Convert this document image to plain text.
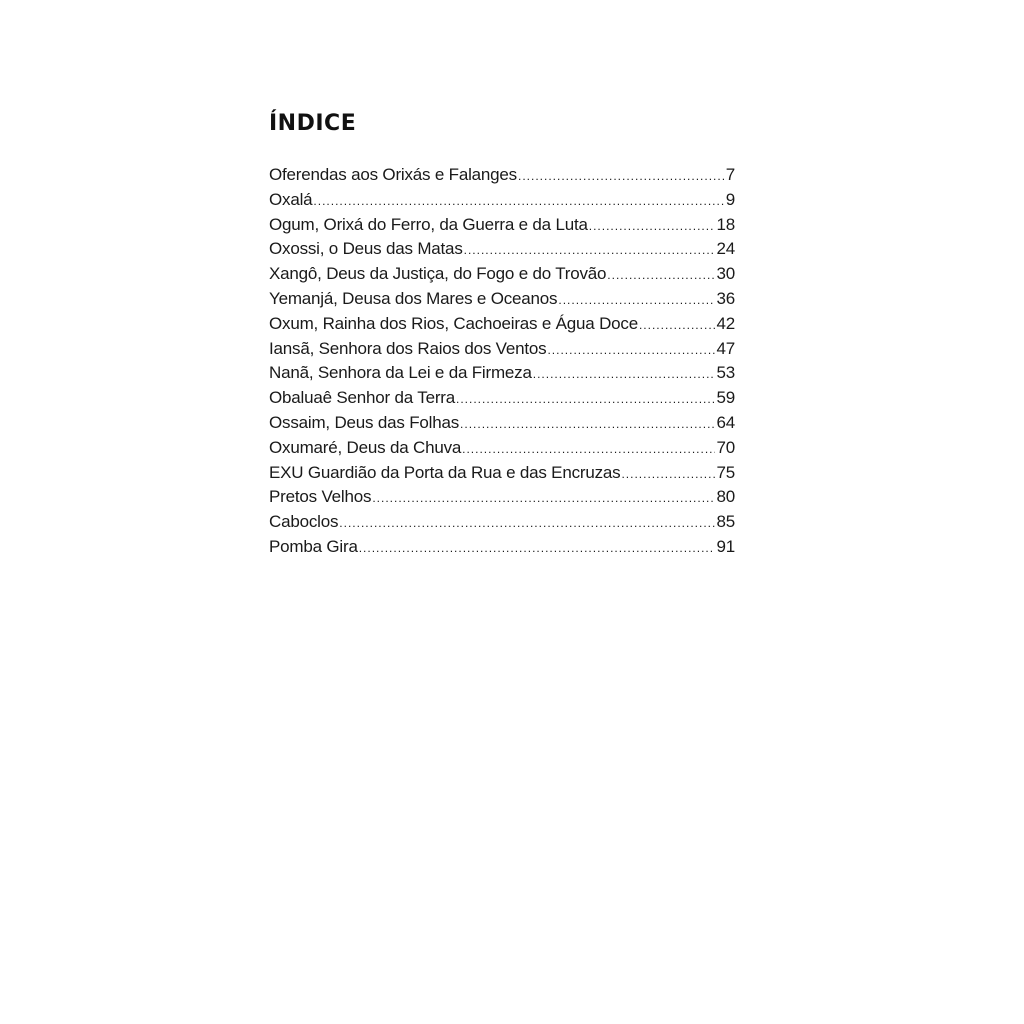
ÍNDICE
Oferendas aos Orixás e Falanges .....	7
Oxalá .....	9
Ogum, Orixá do Ferro, da Guerra e da Luta .....	18
Oxossi, o Deus das Matas .....	24
Xangô, Deus da Justiça, do Fogo e do Trovão .....	30
Yemanjá, Deusa dos Mares e Oceanos .....	36
Oxum, Rainha dos Rios, Cachoeiras e Água Doce .....	42
Iansã, Senhora dos Raios dos Ventos .....	47
Nanã, Senhora da Lei e da Firmeza .....	53
Obaluaê Senhor da Terra .....	59
Ossaim, Deus das Folhas .....	64
Oxumaré, Deus da Chuva .....	70
EXU Guardião da Porta da Rua e das Encruzas .....	75
Pretos Velhos .....	80
Caboclos .....	85
Pomba Gira .....	91
